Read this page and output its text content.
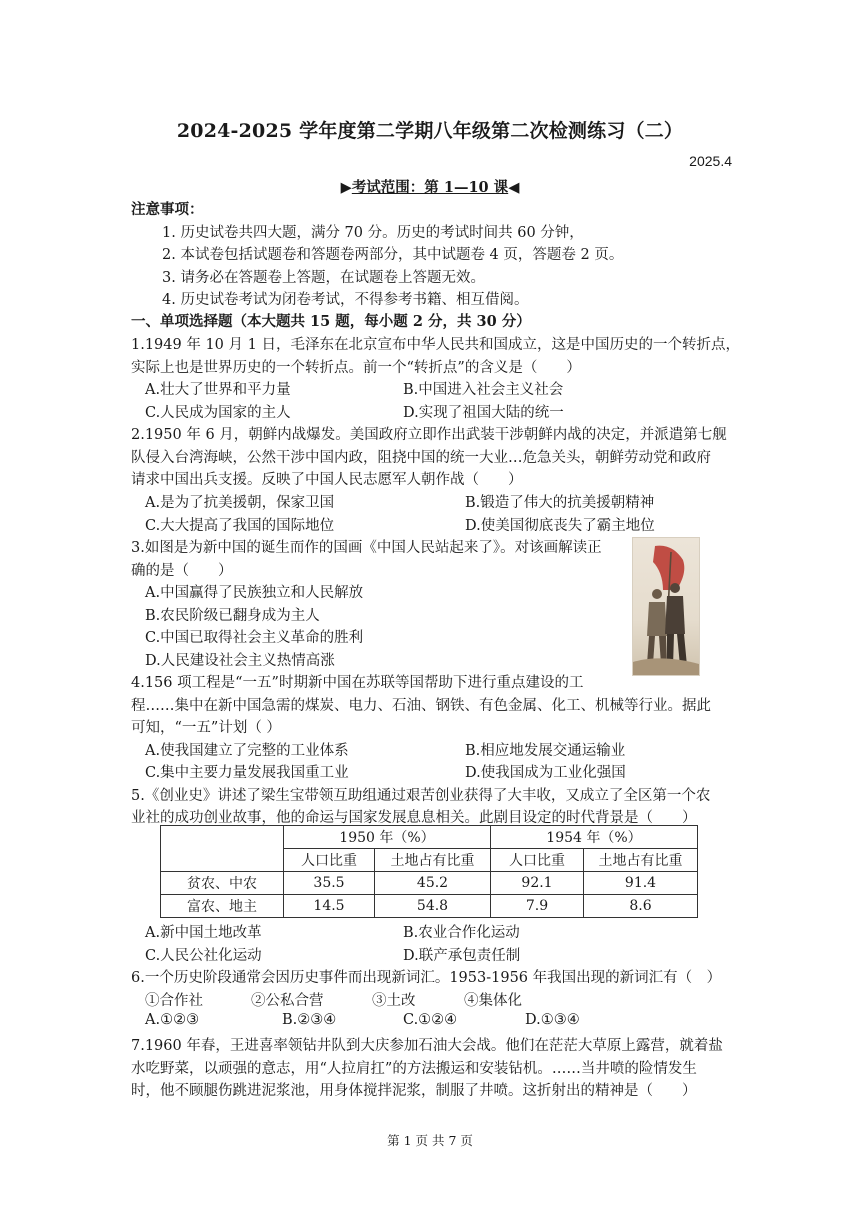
2024-2025 学年度第二学期八年级第二次检测练习（二）
2025.4
▶考试范围：第 1—10 课◀
注意事项：
1. 历史试卷共四大题，满分 70 分。历史的考试时间共 60 分钟，
2. 本试卷包括试题卷和答题卷两部分，其中试题卷 4 页，答题卷 2 页。
3. 请务必在答题卷上答题，在试题卷上答题无效。
4. 历史试卷考试为闭卷考试，不得参考书籍、相互借阅。
一、单项选择题（本大题共 15 题，每小题 2 分，共 30 分）
1.1949 年 10 月 1 日，毛泽东在北京宣布中华人民共和国成立，这是中国历史的一个转折点，
实际上也是世界历史的一个转折点。前一个“转折点”的含义是（　　）
A.壮大了世界和平力量	B.中国进入社会主义社会
C.人民成为国家的主人	D.实现了祖国大陆的统一
2.1950 年 6 月，朝鲜内战爆发。美国政府立即作出武装干涉朝鲜内战的决定，并派遣第七舰
队侵入台湾海峡，公然干涉中国内政，阻挠中国的统一大业…危急关头，朝鲜劳动党和政府
请求中国出兵支援。反映了中国人民志愿军人朝作战（　　）
A.是为了抗美援朝，保家卫国	B.锻造了伟大的抗美援朝精神
C.大大提高了我国的国际地位	D.使美国彻底丧失了霸主地位
3.如图是为新中国的诞生而作的国画《中国人民站起来了》。对该画解读正
确的是（　　）
A.中国赢得了民族独立和人民解放
B.农民阶级已翻身成为主人
C.中国已取得社会主义革命的胜利
D.人民建设社会主义热情高涨
4.156 项工程是“一五”时期新中国在苏联等国帮助下进行重点建设的工
程……集中在新中国急需的煤炭、电力、石油、钢铁、有色金属、化工、机械等行业。据此
可知，“一五”计划（ ）
A.使我国建立了完整的工业体系	B.相应地发展交通运输业
C.集中主要力量发展我国重工业	D.使我国成为工业化强国
5.《创业史》讲述了梁生宝带领互助组通过艰苦创业获得了大丰收，又成立了全区第一个农
业社的成功创业故事，他的命运与国家发展息息相关。此剧目设定的时代背景是（　　）
	1950 年（%）		1954 年（%）	
	人口比重	土地占有比重	人口比重	土地占有比重
贫农、中农	35.5	45.2	92.1	91.4
富农、地主	14.5	54.8	7.9	8.6
A.新中国土地改革	B.农业合作化运动
C.人民公社化运动	D.联产承包责任制
6.一个历史阶段通常会因历史事件而出现新词汇。1953-1956 年我国出现的新词汇有（　）
①合作社	②公私合营	③土改	④集体化
A.①②③	B.②③④	C.①②④	D.①③④
7.1960 年春，王进喜率领钻井队到大庆参加石油大会战。他们在茫茫大草原上露营，就着盐
水吃野菜，以顽强的意志，用“人拉肩扛”的方法搬运和安装钻机。……当井喷的险情发生
时，他不顾腿伤跳进泥浆池，用身体搅拌泥浆，制服了井喷。这折射出的精神是（　　）
第 1 页 共 7 页
